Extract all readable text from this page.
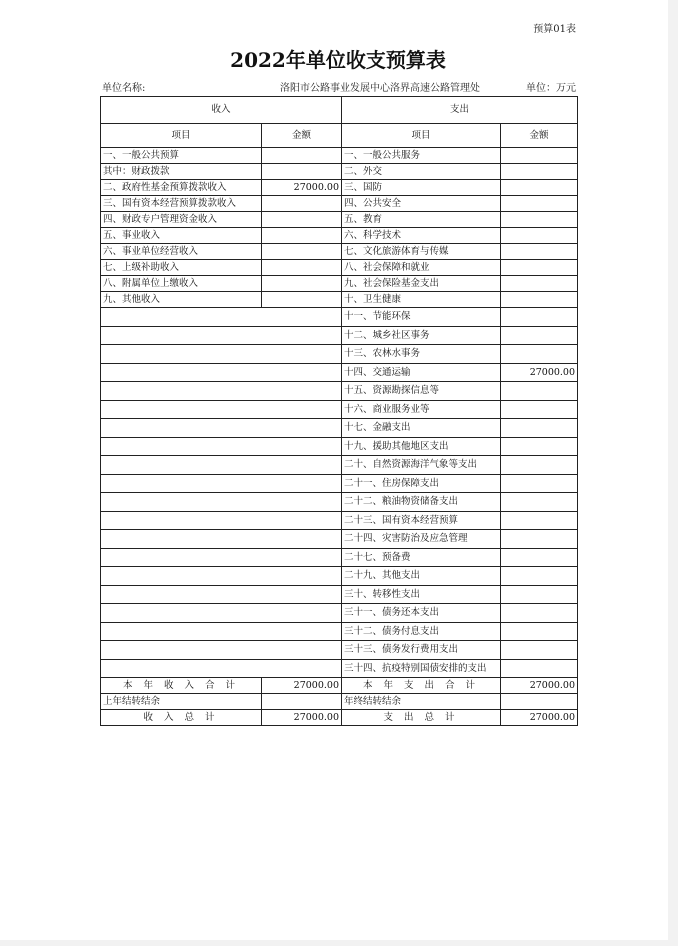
预算01表
2022年单位收支预算表
单位名称:	洛阳市公路事业发展中心洛界高速公路管理处	单位：万元
收入		支出	
项目	金额	项目	金额
一、一般公共预算		一、一般公共服务	
其中：财政拨款		二、外交	
二、政府性基金预算拨款收入	27000.00	三、国防	
三、国有资本经营预算拨款收入		四、公共安全	
四、财政专户管理资金收入		五、教育	
五、事业收入		六、科学技术	
六、事业单位经营收入		七、文化旅游体育与传媒	
七、上级补助收入		八、社会保障和就业	
八、附属单位上缴收入		九、社会保险基金支出	
九、其他收入		十、卫生健康	
		十一、节能环保	
		十二、城乡社区事务	
		十三、农林水事务	
		十四、交通运输	27000.00
		十五、资源勘探信息等	
		十六、商业服务业等	
		十七、金融支出	
		十九、援助其他地区支出	
		二十、自然资源海洋气象等支出	
		二十一、住房保障支出	
		二十二、粮油物资储备支出	
		二十三、国有资本经营预算	
		二十四、灾害防治及应急管理	
		二十七、预备费	
		二十九、其他支出	
		三十、转移性支出	
		三十一、债务还本支出	
		三十二、债务付息支出	
		三十三、债务发行费用支出	
		三十四、抗疫特别国债安排的支出	
本 年 收 入 合 计	27000.00	本 年 支 出 合 计	27000.00
上年结转结余		年终结转结余	
收 入 总 计	27000.00	支 出 总 计	27000.00
